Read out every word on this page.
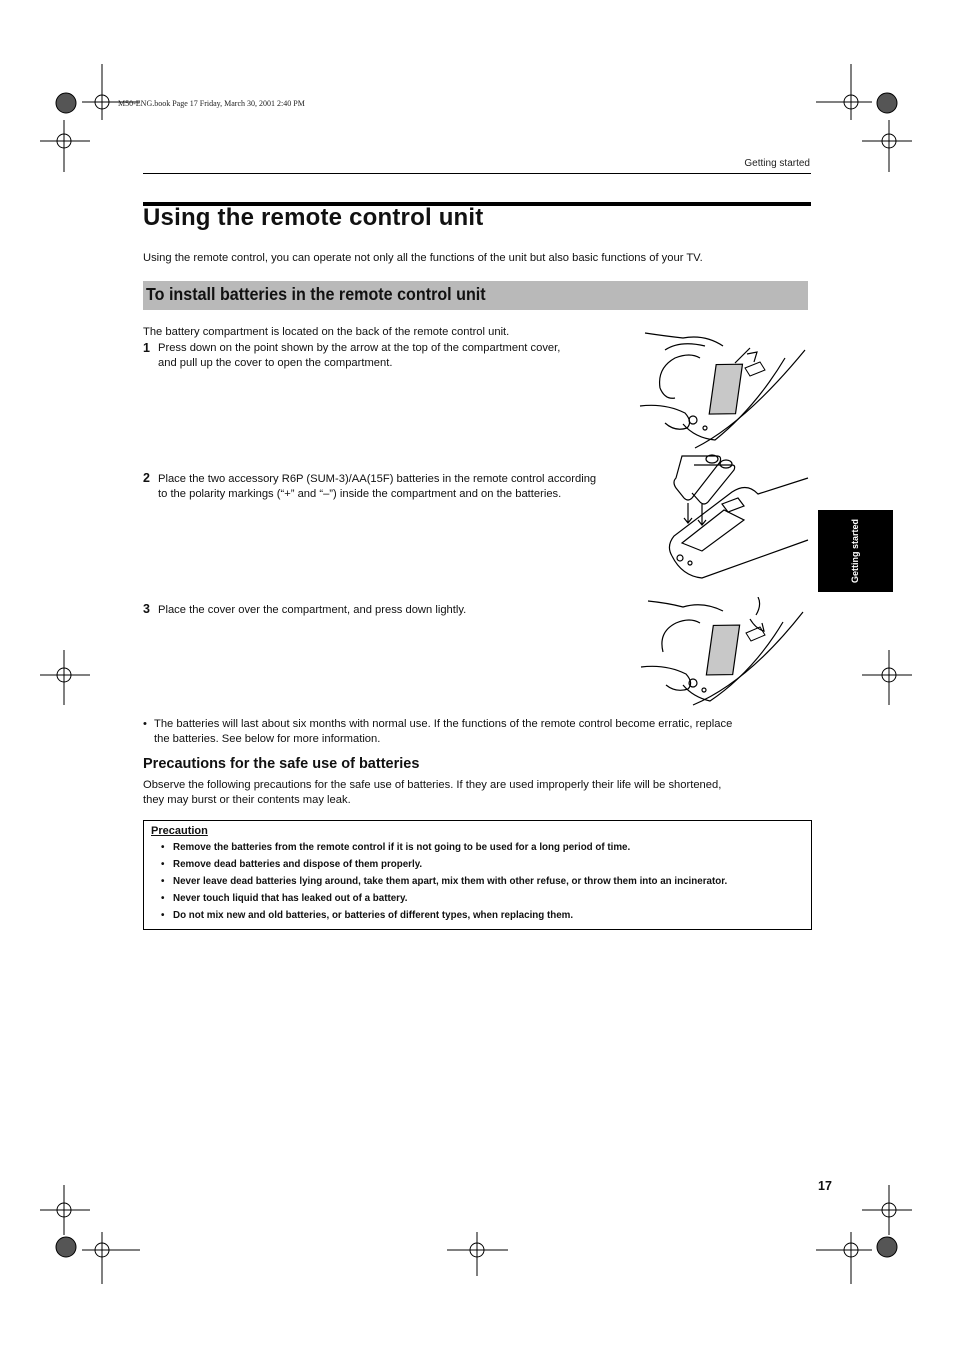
M50-ENG.book Page 17 Friday, March 30, 2001 2:40 PM
Getting started
Using the remote control unit
Using the remote control, you can operate not only all the functions of the unit but also basic functions of your TV.
To install batteries in the remote control unit
The battery compartment is located on the back of the remote control unit.
1 Press down on the point shown by the arrow at the top of the compartment cover,
and pull up the cover to open the compartment.
2 Place the two accessory R6P (SUM-3)/AA(15F) batteries in the remote control according
to the polarity markings (“+” and “–”) inside the compartment and on the batteries.
3 Place the cover over the compartment, and press down lightly.
• The batteries will last about six months with normal use. If the functions of the remote control become erratic, replace
the batteries. See below for more information.
Getting started
Precautions for the safe use of batteries
Observe the following precautions for the safe use of batteries. If they are used improperly their life will be shortened,
they may burst or their contents may leak.
Precaution
• Remove the batteries from the remote control if it is not going to be used for a long period of time.
• Remove dead batteries and dispose of them properly.
• Never leave dead batteries lying around, take them apart, mix them with other refuse, or throw them into an incinerator.
• Never touch liquid that has leaked out of a battery.
• Do not mix new and old batteries, or batteries of different types, when replacing them.
17
